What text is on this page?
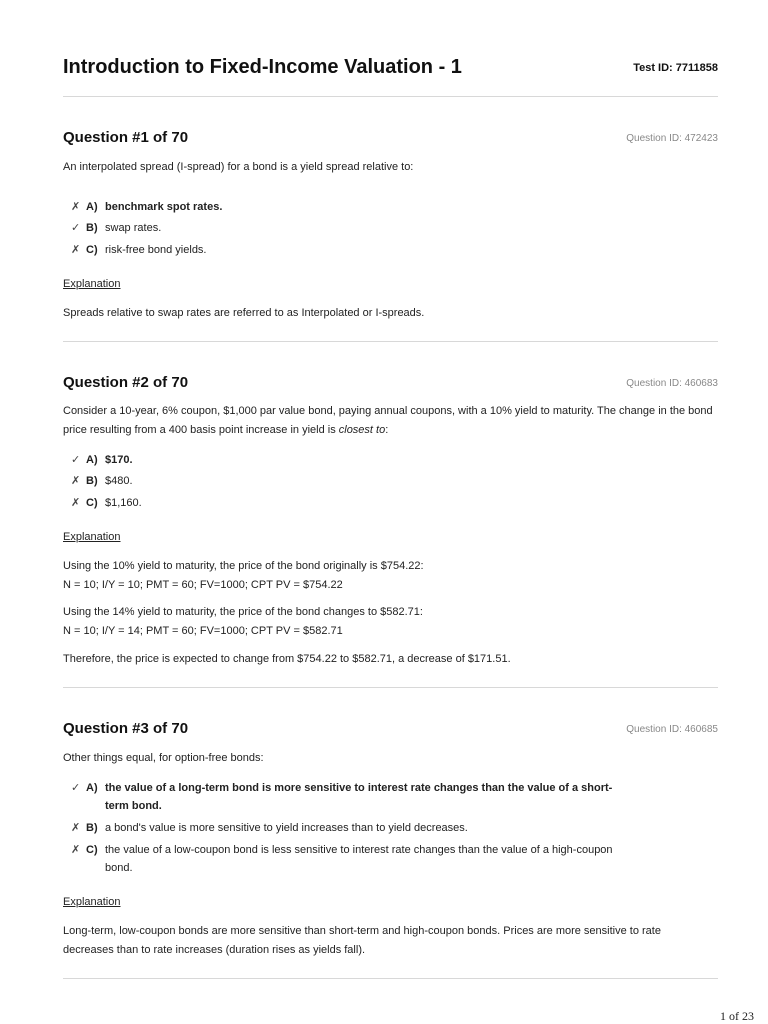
Introduction to Fixed-Income Valuation - 1	Test ID: 7711858
Question #1 of 70	Question ID: 472423
An interpolated spread (I-spread) for a bond is a yield spread relative to:
✗ A) benchmark spot rates.
✓ B) swap rates.
✗ C) risk-free bond yields.
Explanation
Spreads relative to swap rates are referred to as Interpolated or I-spreads.
Question #2 of 70	Question ID: 460683
Consider a 10-year, 6% coupon, $1,000 par value bond, paying annual coupons, with a 10% yield to maturity. The change in the bond price resulting from a 400 basis point increase in yield is closest to:
✓ A) $170.
✗ B) $480.
✗ C) $1,160.
Explanation
Using the 10% yield to maturity, the price of the bond originally is $754.22:
N = 10; I/Y = 10; PMT = 60; FV=1000; CPT PV = $754.22
Using the 14% yield to maturity, the price of the bond changes to $582.71:
N = 10; I/Y = 14; PMT = 60; FV=1000; CPT PV = $582.71
Therefore, the price is expected to change from $754.22 to $582.71, a decrease of $171.51.
Question #3 of 70	Question ID: 460685
Other things equal, for option-free bonds:
✓ A) the value of a long-term bond is more sensitive to interest rate changes than the value of a short-term bond.
✗ B) a bond's value is more sensitive to yield increases than to yield decreases.
✗ C) the value of a low-coupon bond is less sensitive to interest rate changes than the value of a high-coupon bond.
Explanation
Long-term, low-coupon bonds are more sensitive than short-term and high-coupon bonds. Prices are more sensitive to rate decreases than to rate increases (duration rises as yields fall).
1 of 23
